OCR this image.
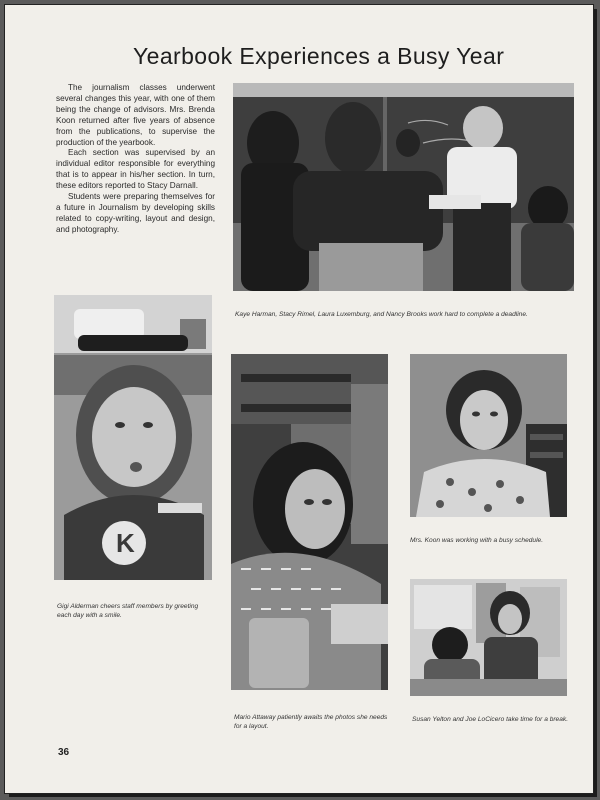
Yearbook Experiences a Busy Year

The journalism classes underwent several changes this year, with one of them being the change of advisors. Mrs. Brenda Koon returned after five years of absence from the publications, to supervise the production of the yearbook.

Each section was supervised by an individual editor responsible for everything that is to appear in his/her section. In turn, these editors reported to Stacy Darnall.

Students were preparing themselves for a future in Journalism by developing skills related to copy-writing, layout and design, and photography.

Kaye Harman, Stacy Rimel, Laura Luxemburg, and Nancy Brooks work hard to complete a deadline.
K
Gigi Alderman cheers staff members by greeting each day with a smile.
Mario Attaway patiently awaits the photos she needs for a layout.
Mrs. Koon was working with a busy schedule.
Susan Yelton and Joe LoCicero take time for a break.
36
